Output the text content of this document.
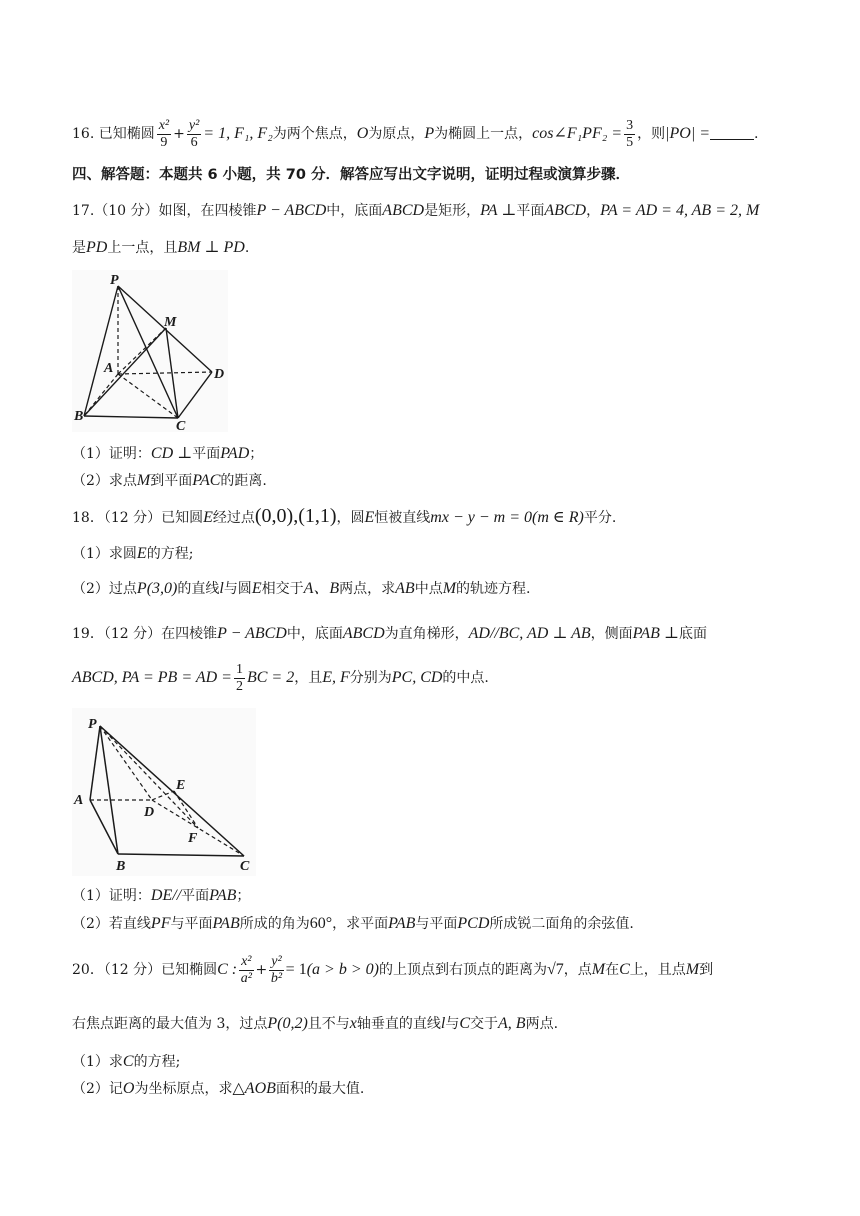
16. 已知椭圆 $\frac{\text{x²}}{9} + \frac{\text{y²}}{6} = 1$, F₁, F₂为两个焦点，O为原点，P为椭圆上一点，cos∠F₁PF₂ = $\frac{3}{5}$ ，则|PO| =	.
四、解答题：本题共 6 小题，共 70 分．解答应写出文字说明，证明过程或演算步骤．
17.（10 分）如图，在四棱锥P − ABCD中，底面ABCD是矩形，PA ⊥平面ABCD，PA = AD = 4, AB = 2, M
是PD上一点，且BM ⊥ PD.
P
M
A	D
B
C
（1）证明：CD ⊥平面PAD；
（2）求点M到平面PAC的距离.
18．（12 分）已知圆E经过点(0,0),(1,1)，圆E恒被直线mx − y − m = 0(m ∈ R)平分.
（1）求圆E的方程;
（2）过点P(3,0)的直线l与圆E相交于A、B两点，求AB中点M的轨迹方程.
19．（12 分）在四棱锥P − ABCD中，底面ABCD为直角梯形，AD//BC, AD ⊥ AB，侧面PAB ⊥底面
ABCD, PA = PB = AD = $\frac{1}{2}$ BC = 2，且E, F分别为PC, CD的中点.
P
E
A
D
F
B	C
（1）证明：DE//平面PAB；
（2）若直线PF与平面PAB所成的角为60°，求平面PAB与平面PCD所成锐二面角的余弦值.
20．（12 分）已知椭圆C : $\frac{\text{x²}}{\text{a²}} + \frac{\text{y²}}{\text{b²}} = 1(a > b > 0)$的上顶点到右顶点的距离为√7，点M在C上，且点M到
右焦点距离的最大值为 3，过点P(0,2)且不与x轴垂直的直线l与C交于A, B两点.
（1）求C的方程;
（2）记O为坐标原点，求△AOB面积的最大值.
